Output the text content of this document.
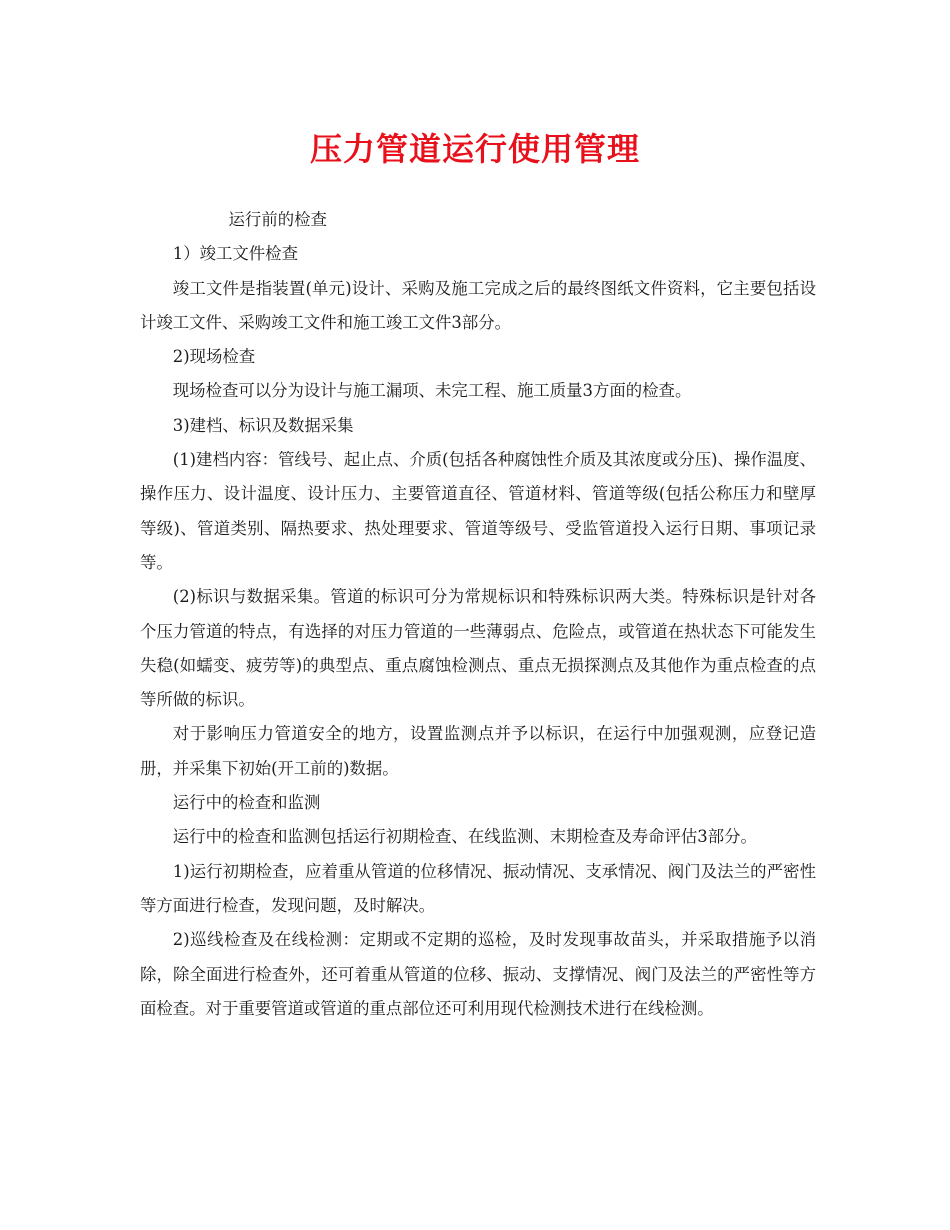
压力管道运行使用管理

运行前的检查

1）竣工文件检查

竣工文件是指装置(单元)设计、采购及施工完成之后的最终图纸文件资料，它主要包括设计竣工文件、采购竣工文件和施工竣工文件3部分。

2)现场检查

现场检查可以分为设计与施工漏项、未完工程、施工质量3方面的检查。

3)建档、标识及数据采集

(1)建档内容：管线号、起止点、介质(包括各种腐蚀性介质及其浓度或分压)、操作温度、操作压力、设计温度、设计压力、主要管道直径、管道材料、管道等级(包括公称压力和壁厚等级)、管道类别、隔热要求、热处理要求、管道等级号、受监管道投入运行日期、事项记录等。

(2)标识与数据采集。管道的标识可分为常规标识和特殊标识两大类。特殊标识是针对各个压力管道的特点，有选择的对压力管道的一些薄弱点、危险点，或管道在热状态下可能发生失稳(如蠕变、疲劳等)的典型点、重点腐蚀检测点、重点无损探测点及其他作为重点检查的点等所做的标识。

对于影响压力管道安全的地方，设置监测点并予以标识，在运行中加强观测，应登记造册，并采集下初始(开工前的)数据。

运行中的检查和监测

运行中的检查和监测包括运行初期检查、在线监测、末期检查及寿命评估3部分。

1)运行初期检查，应着重从管道的位移情况、振动情况、支承情况、阀门及法兰的严密性等方面进行检查，发现问题，及时解决。

2)巡线检查及在线检测：定期或不定期的巡检，及时发现事故苗头，并采取措施予以消除，除全面进行检查外，还可着重从管道的位移、振动、支撑情况、阀门及法兰的严密性等方面检查。对于重要管道或管道的重点部位还可利用现代检测技术进行在线检测。
